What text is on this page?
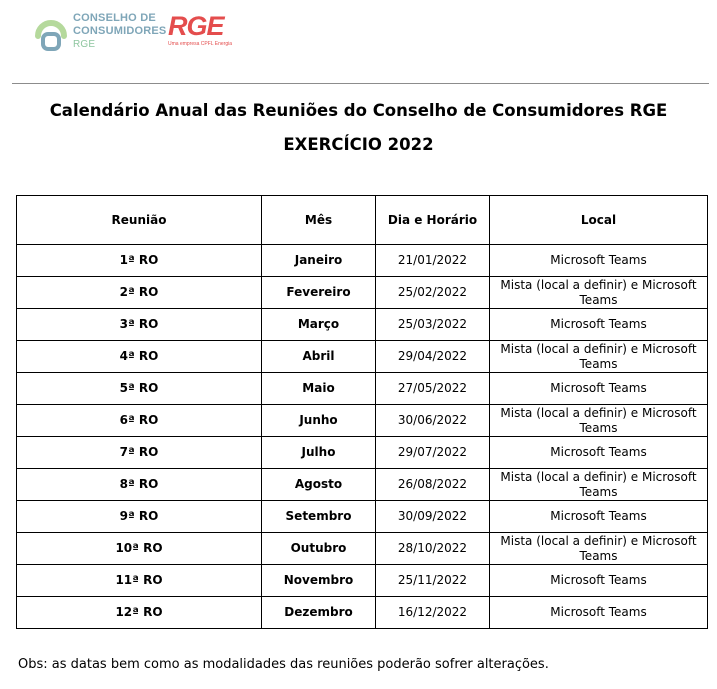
CONSELHO DE
CONSUMIDORES
RGE
RGE
Uma empresa CPFL Energia
Calendário Anual das Reuniões do Conselho de Consumidores RGE
EXERCÍCIO 2022
Reunião	Mês	Dia e Horário	Local
1ª RO	Janeiro	21/01/2022	Microsoft Teams
2ª RO	Fevereiro	25/02/2022	Mista (local a definir) e Microsoft Teams
3ª RO	Março	25/03/2022	Microsoft Teams
4ª RO	Abril	29/04/2022	Mista (local a definir) e Microsoft Teams
5ª RO	Maio	27/05/2022	Microsoft Teams
6ª RO	Junho	30/06/2022	Mista (local a definir) e Microsoft Teams
7ª RO	Julho	29/07/2022	Microsoft Teams
8ª RO	Agosto	26/08/2022	Mista (local a definir) e Microsoft Teams
9ª RO	Setembro	30/09/2022	Microsoft Teams
10ª RO	Outubro	28/10/2022	Mista (local a definir) e Microsoft Teams
11ª RO	Novembro	25/11/2022	Microsoft Teams
12ª RO	Dezembro	16/12/2022	Microsoft Teams
Obs: as datas bem como as modalidades das reuniões poderão sofrer alterações.
